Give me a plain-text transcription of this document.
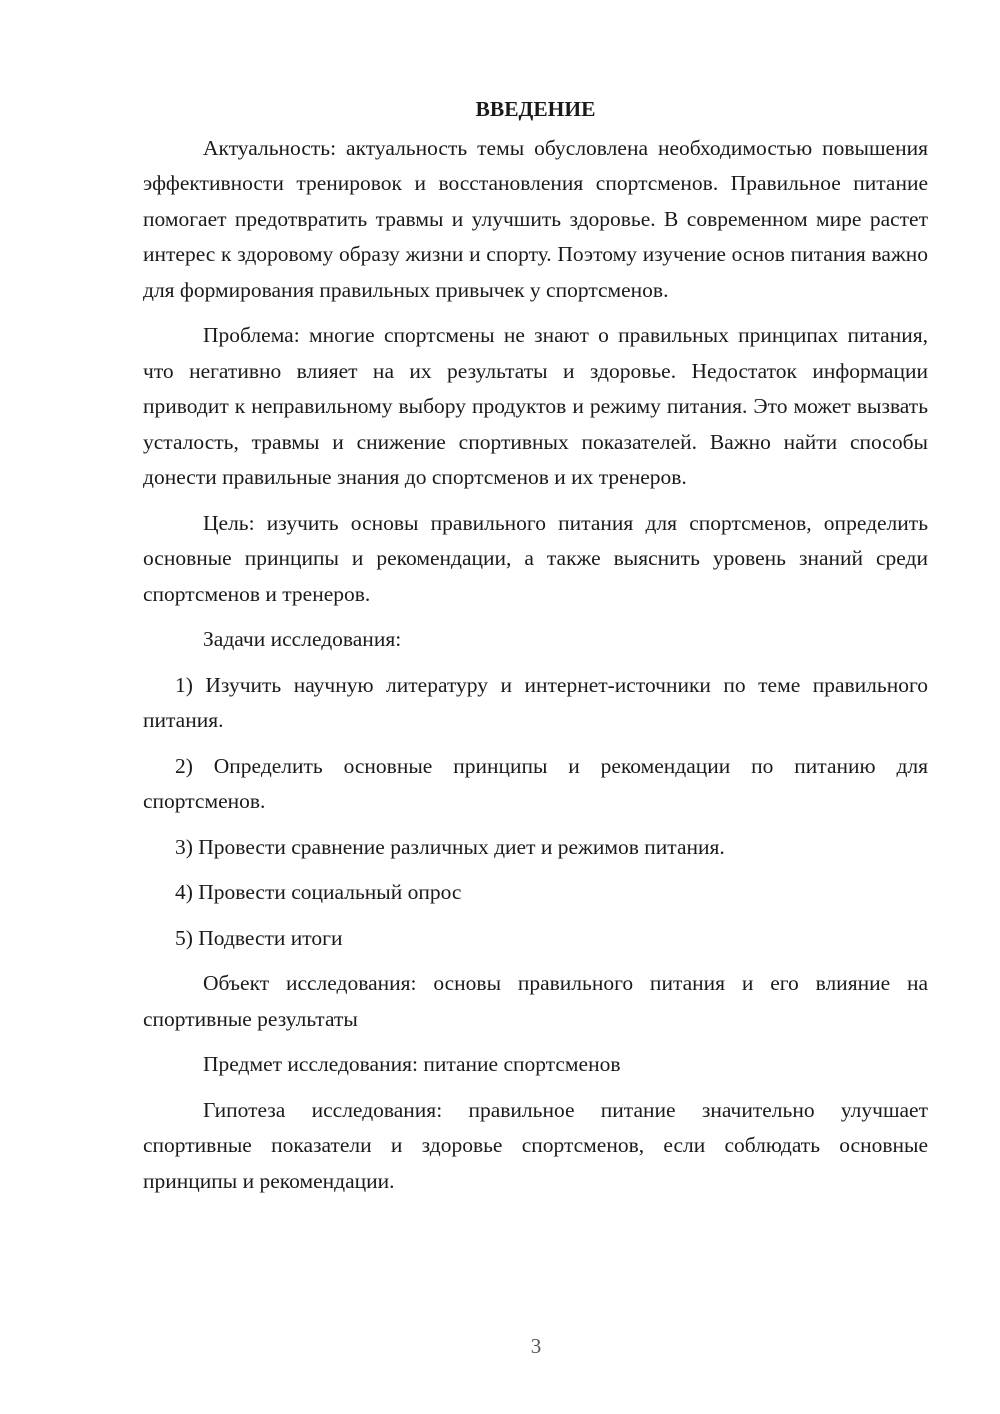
ВВЕДЕНИЕ

Актуальность: актуальность темы обусловлена необходимостью повышения эффективности тренировок и восстановления спортсменов. Правильное питание помогает предотвратить травмы и улучшить здоровье. В современном мире растет интерес к здоровому образу жизни и спорту. Поэтому изучение основ питания важно для формирования правильных привычек у спортсменов.

Проблема: многие спортсмены не знают о правильных принципах питания, что негативно влияет на их результаты и здоровье. Недостаток информации приводит к неправильному выбору продуктов и режиму питания. Это может вызвать усталость, травмы и снижение спортивных показателей. Важно найти способы донести правильные знания до спортсменов и их тренеров.

Цель: изучить основы правильного питания для спортсменов, определить основные принципы и рекомендации, а также выяснить уровень знаний среди спортсменов и тренеров.

Задачи исследования:

1) Изучить научную литературу и интернет-источники по теме правильного питания.

2) Определить основные принципы и рекомендации по питанию для спортсменов.

3) Провести сравнение различных диет и режимов питания.

4) Провести социальный опрос

5) Подвести итоги

Объект исследования: основы правильного питания и его влияние на спортивные результаты

Предмет исследования: питание спортсменов

Гипотеза исследования: правильное питание значительно улучшает спортивные показатели и здоровье спортсменов, если соблюдать основные принципы и рекомендации.

3
